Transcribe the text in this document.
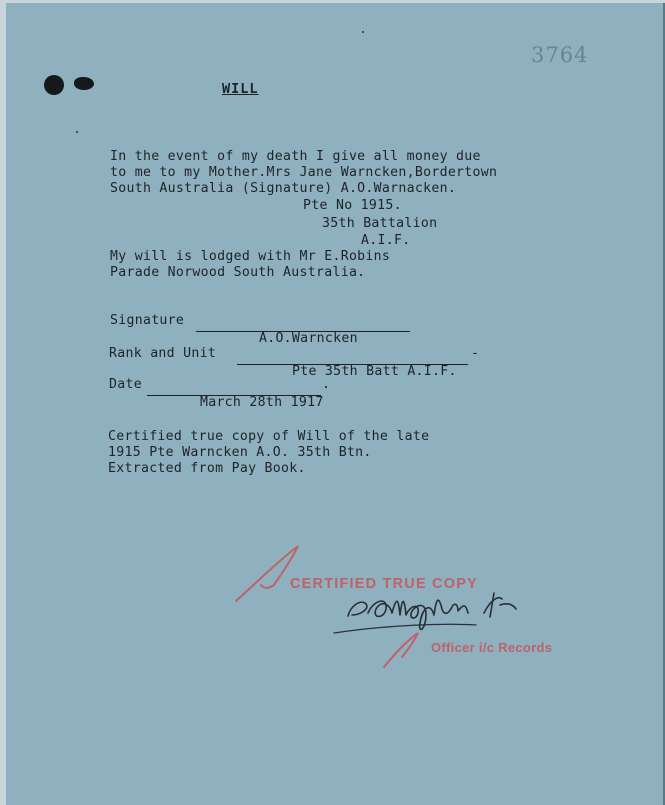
3764
WILL
In the event of my death I give all money due
to me to my Mother.Mrs Jane Warncken,Bordertown
South Australia (Signature) A.O.Warnacken.
Pte No 1915.
35th Battalion
A.I.F.
My will is lodged with Mr E.Robins
Parade Norwood South Australia.
Signature

A.O.Warncken

Rank and Unit

Pte 35th Batt A.I.F.

-
Date

March 28th 1917

.
Certified true copy of Will of the late
1915 Pte Warncken A.O. 35th Btn.
Extracted from Pay Book.
CERTIFIED TRUE COPY
Officer i/c Records
